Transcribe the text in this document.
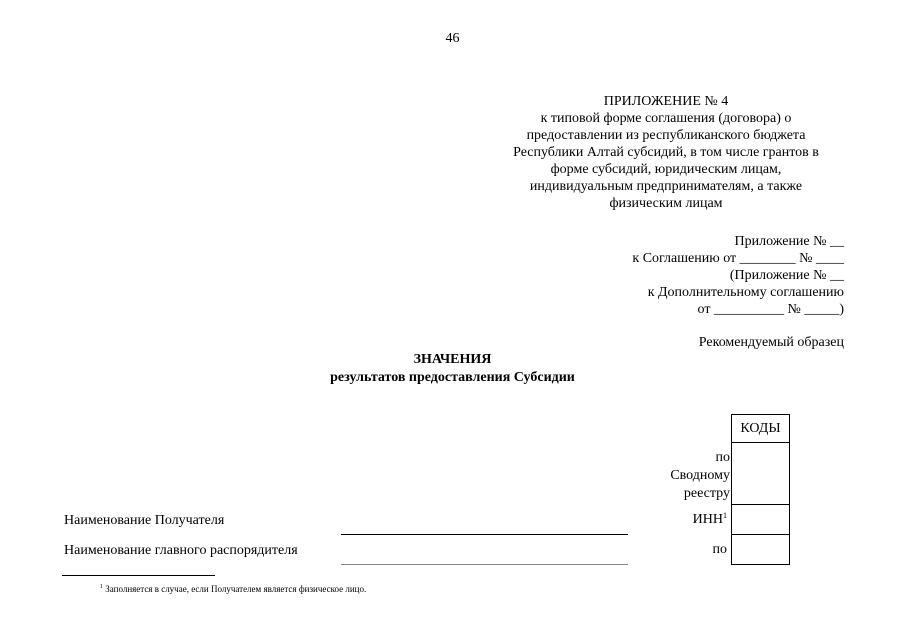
46
ПРИЛОЖЕНИЕ № 4
к типовой форме соглашения (договора) о
предоставлении из республиканского бюджета
Республики Алтай субсидий, в том числе грантов в
форме субсидий, юридическим лицам,
индивидуальным предпринимателям, а также
физическим лицам
Приложение № __
к Соглашению от ________ № ____
(Приложение № __
к Дополнительному соглашению
от __________ № _____)
Рекомендуемый образец
ЗНАЧЕНИЯ
результатов предоставления Субсидии
КОДЫ
по
Сводному
реестру
ИНН$^1$
по
Наименование Получателя
Наименование главного распорядителя
$^1$ Заполняется в случае, если Получателем является физическое лицо.
